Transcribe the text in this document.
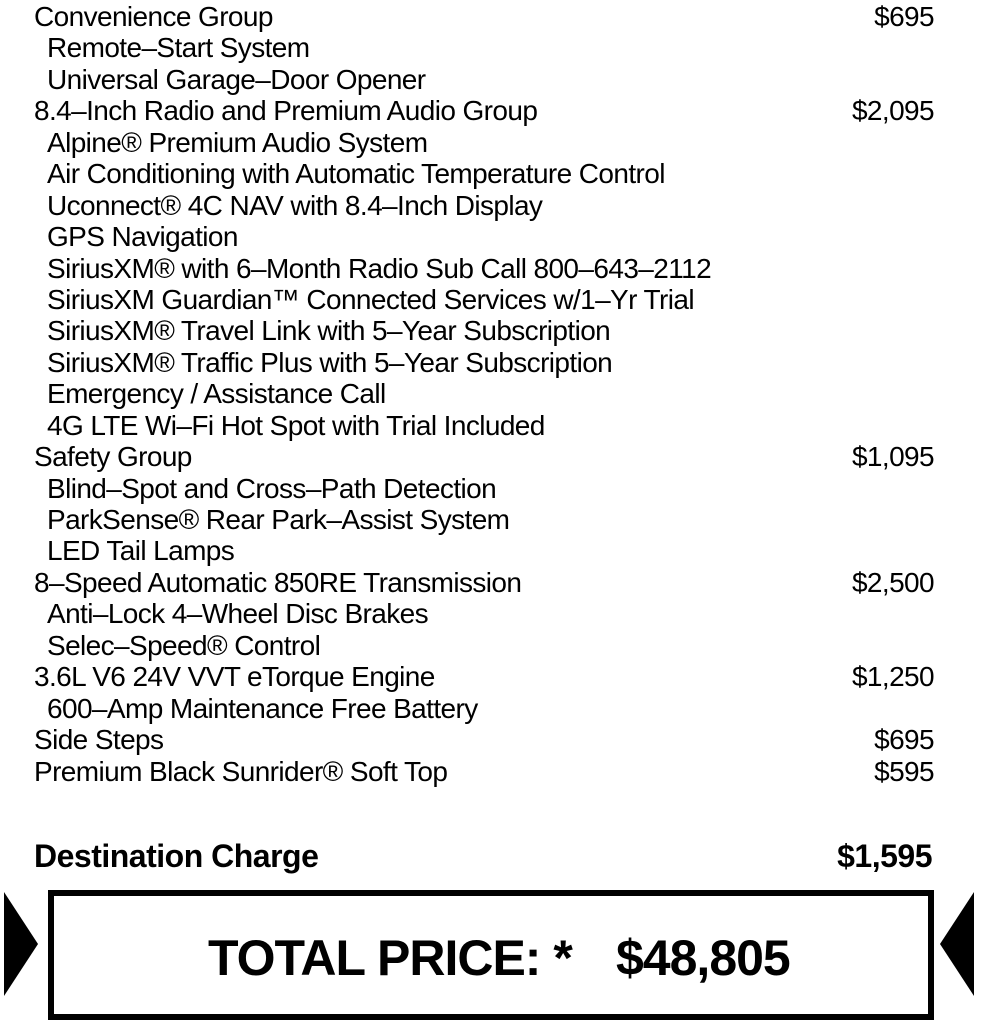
Convenience Group	$695
Remote–Start System
Universal Garage–Door Opener
8.4–Inch Radio and Premium Audio Group	$2,095
Alpine® Premium Audio System
Air Conditioning with Automatic Temperature Control
Uconnect® 4C NAV with 8.4–Inch Display
GPS Navigation
SiriusXM® with 6–Month Radio Sub Call 800–643–2112
SiriusXM Guardian™ Connected Services w/1–Yr Trial
SiriusXM® Travel Link with 5–Year Subscription
SiriusXM® Traffic Plus with 5–Year Subscription
Emergency / Assistance Call
4G LTE Wi–Fi Hot Spot with Trial Included
Safety Group	$1,095
Blind–Spot and Cross–Path Detection
ParkSense® Rear Park–Assist System
LED Tail Lamps
8–Speed Automatic 850RE Transmission	$2,500
Anti–Lock 4–Wheel Disc Brakes
Selec–Speed® Control
3.6L V6 24V VVT eTorque Engine	$1,250
600–Amp Maintenance Free Battery
Side Steps	$695
Premium Black Sunrider® Soft Top	$595
Destination Charge	$1,595
TOTAL PRICE: * $48,805
